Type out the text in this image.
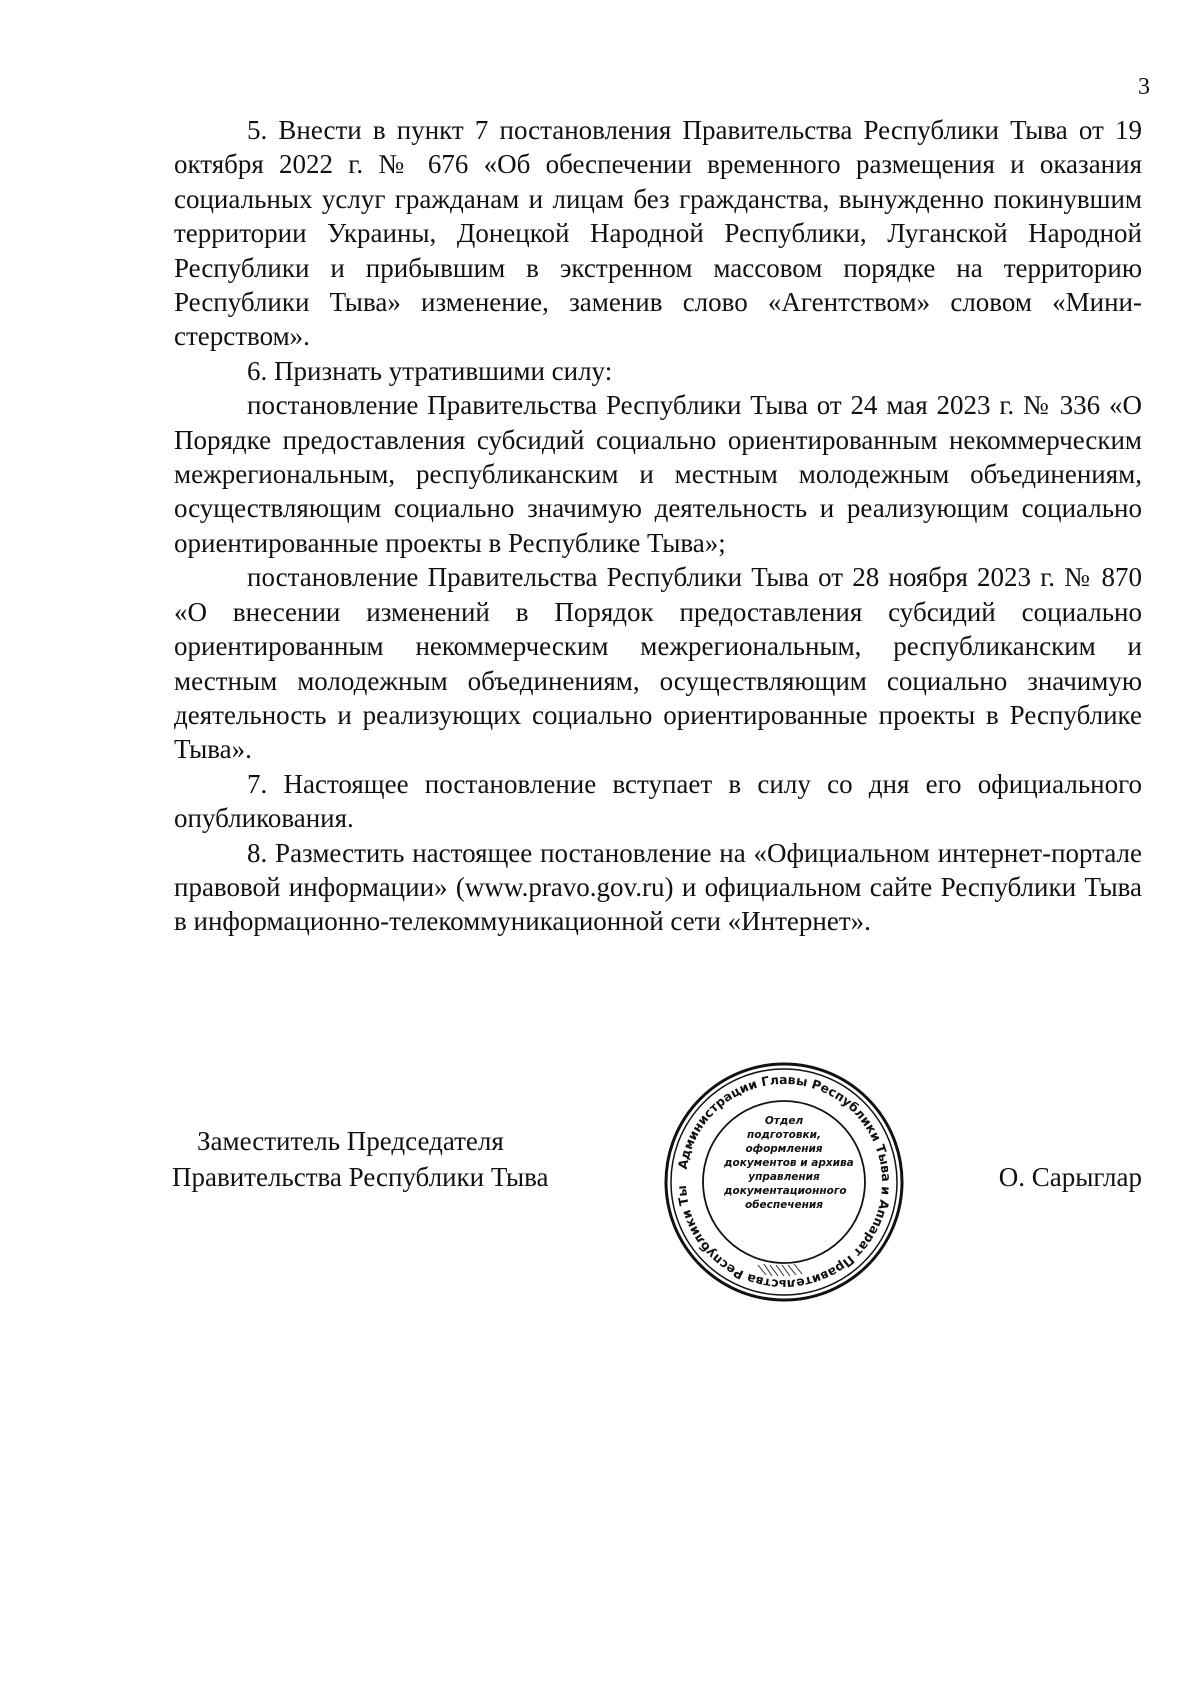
3

5. Внести в пункт 7 постановления Правительства Республики Тыва от 19 октября 2022 г. № 676 «Об обеспечении временного размещения и оказания социальных услуг гражданам и лицам без гражданства, вынужденно покинувшим территории Украины, Донецкой Народной Республики, Луганской Народной Республики и прибывшим в экстренном массовом порядке на территорию Республики Тыва» изменение, заменив слово «Агентством» словом «Министерством».

6. Признать утратившими силу:

постановление Правительства Республики Тыва от 24 мая 2023 г. № 336 «О Порядке предоставления субсидий социально ориентированным некоммерческим межрегиональным, республиканским и местным молодежным объединениям, осуществляющим социально значимую деятельность и реализующим социально ориентированные проекты в Республике Тыва»;

постановление Правительства Республики Тыва от 28 ноября 2023 г. № 870 «О внесении изменений в Порядок предоставления субсидий социально ориентированным некоммерческим межрегиональным, республиканским и местным молодежным объединениям, осуществляющим социально значимую деятельность и реализующих социально ориентированные проекты в Республике Тыва».

7. Настоящее постановление вступает в силу со дня его официального опубликования.

8. Разместить настоящее постановление на «Официальном интернет-портале правовой информации» (www.pravo.gov.ru) и официальном сайте Республики Тыва в информационно-телекоммуникационной сети «Интернет».

Заместитель Председателя
Правительства Республики Тыва	О. Сарыглар
Администрации Главы Республики Тыва и Аппарат Правительства Республики Ты
Отдел
подготовки,
оформления
документов и архива
управления
документационного
обеспечения
